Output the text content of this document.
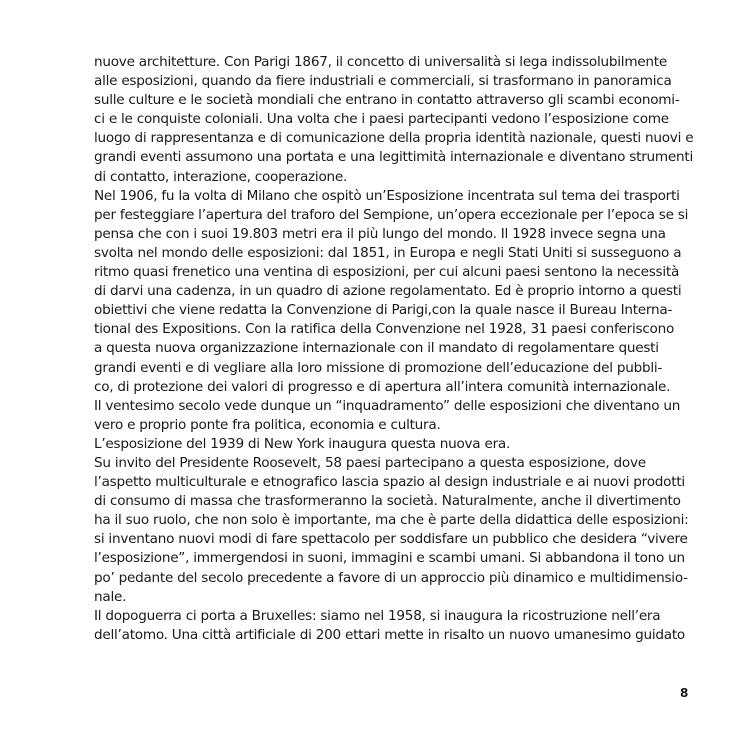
nuove architetture. Con Parigi 1867, il concetto di universalità si lega indissolubilmente
alle esposizioni, quando da fiere industriali e commerciali, si trasformano in panoramica
sulle culture e le società mondiali che entrano in contatto attraverso gli scambi economi-
ci e le conquiste coloniali. Una volta che i paesi partecipanti vedono l’esposizione come
luogo di rappresentanza e di comunicazione della propria identità nazionale, questi nuovi e
grandi eventi assumono una portata e una legittimità internazionale e diventano strumenti
di contatto, interazione, cooperazione.
Nel 1906, fu la volta di Milano che ospitò un’Esposizione incentrata sul tema dei trasporti
per festeggiare l’apertura del traforo del Sempione, un’opera eccezionale per l’epoca se si
pensa che con i suoi 19.803 metri era il più lungo del mondo. Il 1928 invece segna una
svolta nel mondo delle esposizioni: dal 1851, in Europa e negli Stati Uniti si susseguono a
ritmo quasi frenetico una ventina di esposizioni, per cui alcuni paesi sentono la necessità
di darvi una cadenza, in un quadro di azione regolamentato. Ed è proprio intorno a questi
obiettivi che viene redatta la Convenzione di Parigi,con la quale nasce il Bureau Interna-
tional des Expositions. Con la ratifica della Convenzione nel 1928, 31 paesi conferiscono
a questa nuova organizzazione internazionale con il mandato di regolamentare questi
grandi eventi e di vegliare alla loro missione di promozione dell’educazione del pubbli-
co, di protezione dei valori di progresso e di apertura all’intera comunità internazionale.
Il ventesimo secolo vede dunque un “inquadramento” delle esposizioni che diventano un
vero e proprio ponte fra politica, economia e cultura.
L’esposizione del 1939 di New York inaugura questa nuova era.
Su invito del Presidente Roosevelt, 58 paesi partecipano a questa esposizione, dove
l’aspetto multiculturale e etnografico lascia spazio al design industriale e ai nuovi prodotti
di consumo di massa che trasformeranno la società. Naturalmente, anche il divertimento
ha il suo ruolo, che non solo è importante, ma che è parte della didattica delle esposizioni:
si inventano nuovi modi di fare spettacolo per soddisfare un pubblico che desidera “vivere
l’esposizione”, immergendosi in suoni, immagini e scambi umani. Si abbandona il tono un
po’ pedante del secolo precedente a favore di un approccio più dinamico e multidimensio-
nale.
Il dopoguerra ci porta a Bruxelles: siamo nel 1958, si inaugura la ricostruzione nell’era
dell’atomo. Una città artificiale di 200 ettari mette in risalto un nuovo umanesimo guidato
8
